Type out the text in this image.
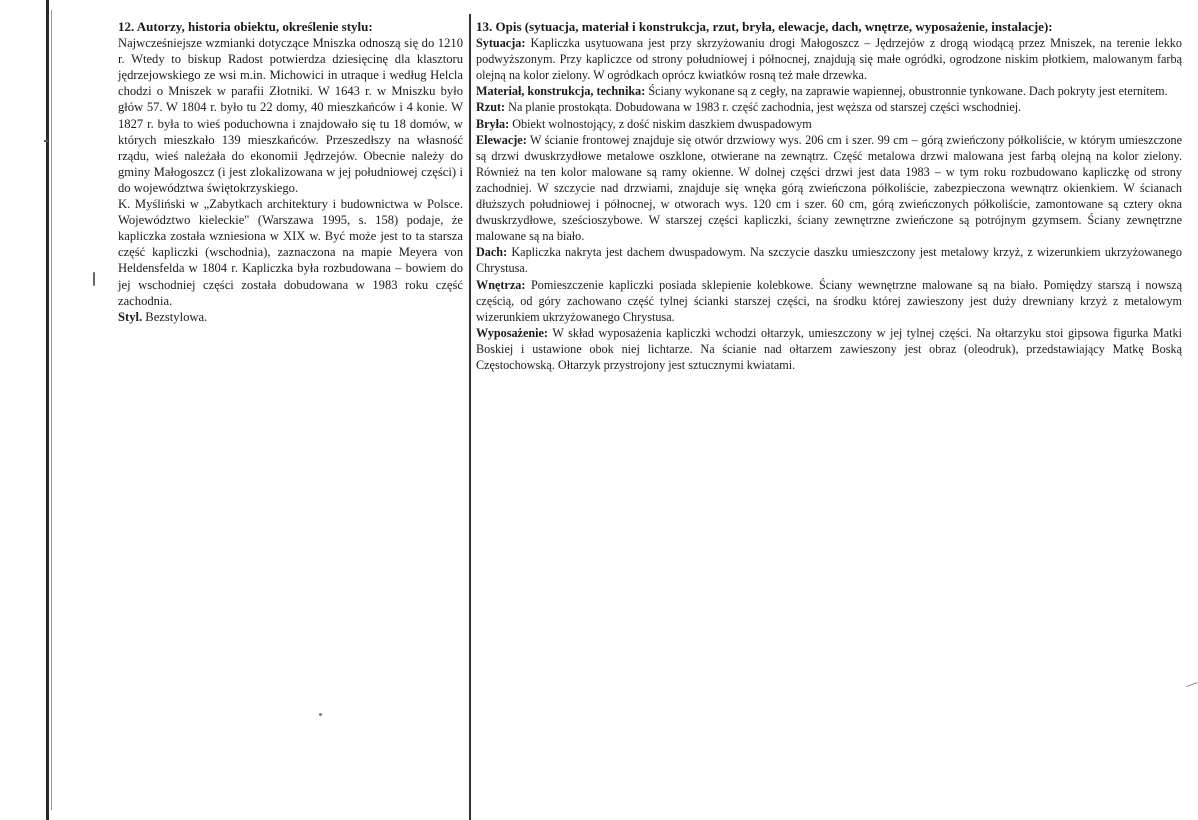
12. Autorzy, historia obiektu, określenie stylu:

Najwcześniejsze wzmianki dotyczące Mniszka odnoszą się do 1210 r. Wtedy to biskup Radost potwierdza dziesięcinę dla klasztoru jędrzejowskiego ze wsi m.in. Michowici in utraque i według Helcla chodzi o Mniszek w parafii Złotniki. W 1643 r. w Mniszku było głów 57. W 1804 r. było tu 22 domy, 40 mieszkańców i 4 konie. W 1827 r. była to wieś poduchowna i znajdowało się tu 18 domów, w których mieszkało 139 mieszkańców. Przeszedłszy na własność rządu, wieś należała do ekonomii Jędrzejów. Obecnie należy do gminy Małogoszcz (i jest zlokalizowana w jej południowej części) i do województwa świętokrzyskiego.

K. Myśliński w „Zabytkach architektury i budownictwa w Polsce. Województwo kieleckie" (Warszawa 1995, s. 158) podaje, że kapliczka została wzniesiona w XIX w. Być może jest to ta starsza część kapliczki (wschodnia), zaznaczona na mapie Meyera von Heldensfelda w 1804 r. Kapliczka była rozbudowana – bowiem do jej wschodniej części została dobudowana w 1983 roku część zachodnia.

Styl. Bezstylowa.

13. Opis (sytuacja, materiał i konstrukcja, rzut, bryła, elewacje, dach, wnętrze, wyposażenie, instalacje):

Sytuacja: Kapliczka usytuowana jest przy skrzyżowaniu drogi Małogoszcz – Jędrzejów z drogą wiodącą przez Mniszek, na terenie lekko podwyższonym. Przy kapliczce od strony południowej i północnej, znajdują się małe ogródki, ogrodzone niskim płotkiem, malowanym farbą olejną na kolor zielony. W ogródkach oprócz kwiatków rosną też małe drzewka.

Materiał, konstrukcja, technika: Ściany wykonane są z cegły, na zaprawie wapiennej, obustronnie tynkowane. Dach pokryty jest eternitem.

Rzut: Na planie prostokąta. Dobudowana w 1983 r. część zachodnia, jest węższa od starszej części wschodniej.

Bryła: Obiekt wolnostojący, z dość niskim daszkiem dwuspadowym

Elewacje: W ścianie frontowej znajduje się otwór drzwiowy wys. 206 cm i szer. 99 cm – górą zwieńczony półkoliście, w którym umieszczone są drzwi dwuskrzydłowe metalowe oszklone, otwierane na zewnątrz. Część metalowa drzwi malowana jest farbą olejną na kolor zielony. Również na ten kolor malowane są ramy okienne. W dolnej części drzwi jest data 1983 – w tym roku rozbudowano kapliczkę od strony zachodniej. W szczycie nad drzwiami, znajduje się wnęka górą zwieńczona półkoliście, zabezpieczona wewnątrz okienkiem. W ścianach dłuższych południowej i północnej, w otworach wys. 120 cm i szer. 60 cm, górą zwieńczonych półkoliście, zamontowane są cztery okna dwuskrzydłowe, sześcioszybowe. W starszej części kapliczki, ściany zewnętrzne zwieńczone są potrójnym gzymsem. Ściany zewnętrzne malowane są na biało.

Dach: Kapliczka nakryta jest dachem dwuspadowym. Na szczycie daszku umieszczony jest metalowy krzyż, z wizerunkiem ukrzyżowanego Chrystusa.

Wnętrza: Pomieszczenie kapliczki posiada sklepienie kolebkowe. Ściany wewnętrzne malowane są na biało. Pomiędzy starszą i nowszą częścią, od góry zachowano część tylnej ścianki starszej części, na środku której zawieszony jest duży drewniany krzyż z metalowym wizerunkiem ukrzyżowanego Chrystusa.

Wyposażenie: W skład wyposażenia kapliczki wchodzi ołtarzyk, umieszczony w jej tylnej części. Na ołtarzyku stoi gipsowa figurka Matki Boskiej i ustawione obok niej lichtarze. Na ścianie nad ołtarzem zawieszony jest obraz (oleodruk), przedstawiający Matkę Boską Częstochowską. Ołtarzyk przystrojony jest sztucznymi kwiatami.
